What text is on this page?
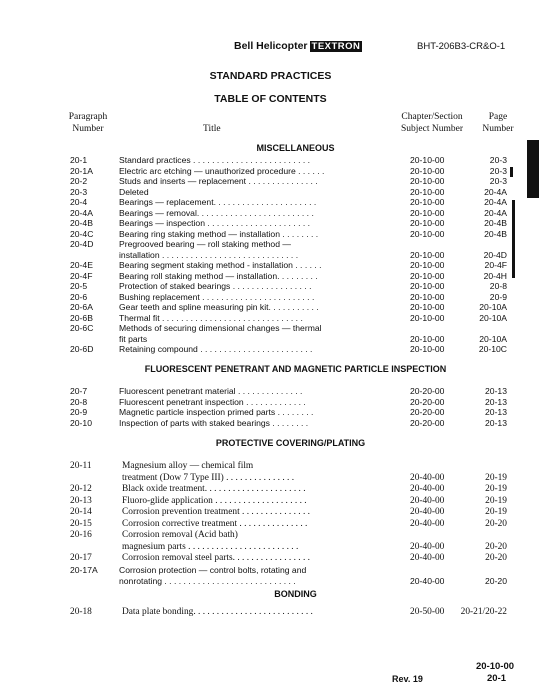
Bell Helicopter TEXTRON	BHT-206B3-CR&O-1
STANDARD PRACTICES
TABLE OF CONTENTS
Paragraph
Number	Title
Chapter/Section
Subject Number
Page
Number
MISCELLANEOUS
FLUORESCENT PENETRANT AND MAGNETIC PARTICLE INSPECTION
PROTECTIVE COVERING/PLATING
BONDING
20-1	Standard practices . . . . . . . . . . . . . . . . . . . . . . . . .	20-10-00	20-3
20-1A	Electric arc etching — unauthorized procedure . . . . . .	20-10-00	20-3
20-2	Studs and inserts — replacement . . . . . . . . . . . . . . .	20-10-00	20-3
20-3	Deleted	20-10-00	20-4A
20-4	Bearings — replacement. . . . . . . . . . . . . . . . . . . . . .	20-10-00	20-4A
20-4A	Bearings — removal. . . . . . . . . . . . . . . . . . . . . . . . .	20-10-00	20-4A
20-4B	Bearings — inspection . . . . . . . . . . . . . . . . . . . . . .	20-10-00	20-4B
20-4C	Bearing ring staking method — installation . . . . . . . .	20-10-00	20-4B
20-4D	Pregrooved bearing — roll staking method —
installation . . . . . . . . . . . . . . . . . . . . . . . . . . . . .	20-10-00	20-4D
20-4E	Bearing segment staking method - installation . . . . . .	20-10-00	20-4F
20-4F	Bearing roll staking method — installation. . . . . . . . .	20-10-00	20-4H
20-5	Protection of staked bearings . . . . . . . . . . . . . . . . .	20-10-00	20-8
20-6	Bushing replacement . . . . . . . . . . . . . . . . . . . . . . . .	20-10-00	20-9
20-6A	Gear teeth and spline measuring pin kit. . . . . . . . . . .	20-10-00	20-10A
20-6B	Thermal fit . . . . . . . . . . . . . . . . . . . . . . . . . . . . . .	20-10-00	20-10A
20-6C	Methods of securing dimensional changes — thermal
fit parts	20-10-00	20-10A
20-6D	Retaining compound . . . . . . . . . . . . . . . . . . . . . . . .	20-10-00	20-10C
20-7	Fluorescent penetrant material . . . . . . . . . . . . . .	20-20-00	20-13
20-8	Fluorescent penetrant inspection . . . . . . . . . . . . .	20-20-00	20-13
20-9	Magnetic particle inspection primed parts . . . . . . . .	20-20-00	20-13
20-10	Inspection of parts with staked bearings . . . . . . . .	20-20-00	20-13
20-11	Magnesium alloy — chemical film
treatment (Dow 7 Type III) . . . . . . . . . . . . . . .	20-40-00	20-19
20-12	Black oxide treatment. . . . . . . . . . . . . . . . . . . . . .	20-40-00	20-19
20-13	Fluoro-glide application . . . . . . . . . . . . . . . . . . . .	20-40-00	20-19
20-14	Corrosion prevention treatment . . . . . . . . . . . . . . .	20-40-00	20-19
20-15	Corrosion corrective treatment . . . . . . . . . . . . . . .	20-40-00	20-20
20-16	Corrosion removal (Acid bath)
magnesium parts . . . . . . . . . . . . . . . . . . . . . . . .	20-40-00	20-20
20-17	Corrosion removal steel parts. . . . . . . . . . . . . . . . .	20-40-00	20-20
20-17A Corrosion protection — control bolts, rotating and
nonrotating . . . . . . . . . . . . . . . . . . . . . . . . . . . .	20-40-00	20-20
20-18	Data plate bonding. . . . . . . . . . . . . . . . . . . . . . . . . .	20-50-00 20-21/20-22
20-10-00
20-1
Rev. 19
